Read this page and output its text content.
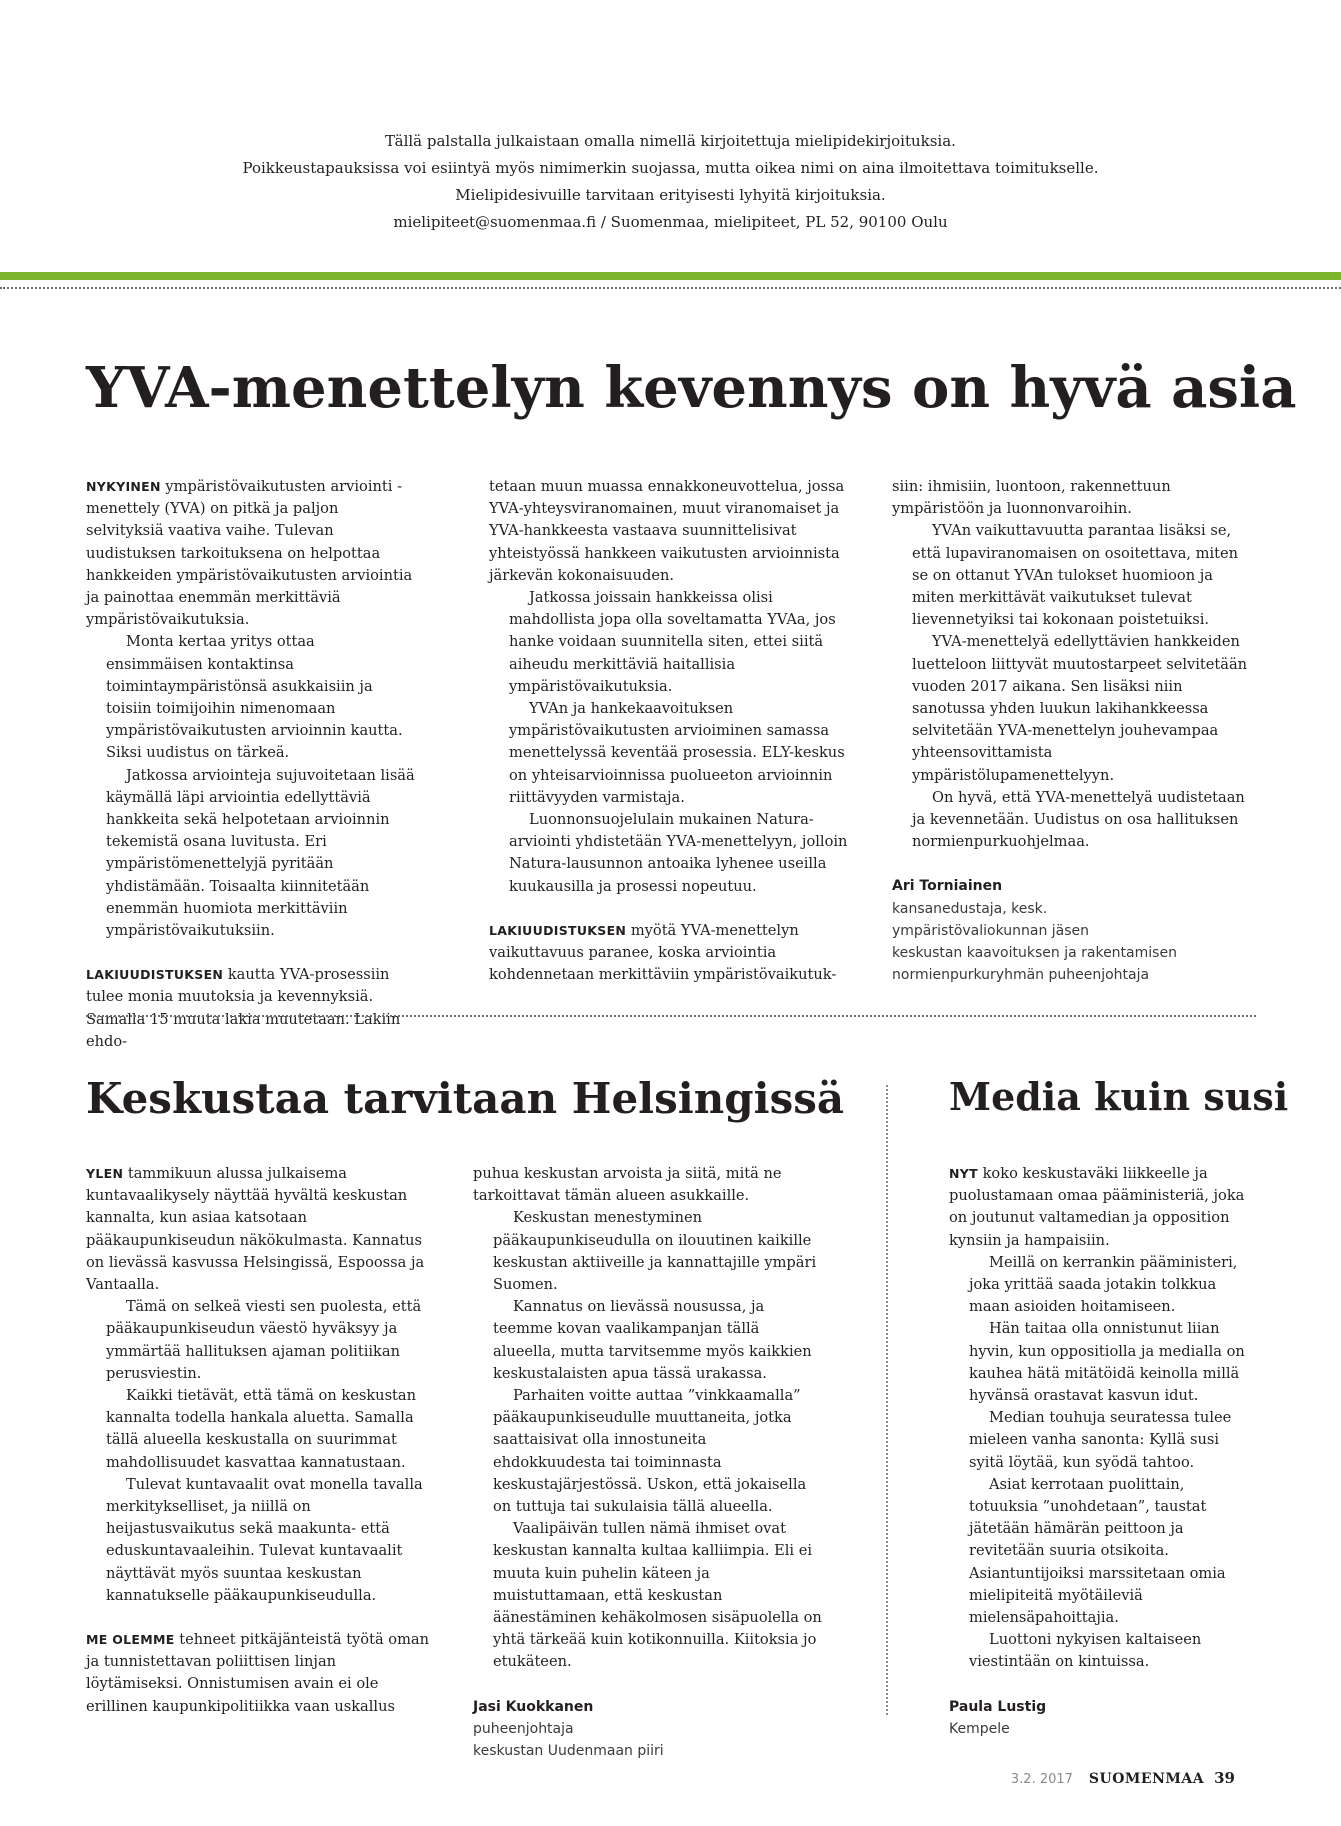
Tällä palstalla julkaistaan omalla nimellä kirjoitettuja mielipidekirjoituksia.
Poikkeustapauksissa voi esiintyä myös nimimerkin suojassa, mutta oikea nimi on aina ilmoitettava toimitukselle.
Mielipidesivuille tarvitaan erityisesti lyhyitä kirjoituksia.
mielipiteet@suomenmaa.fi / Suomenmaa, mielipiteet, PL 52, 90100 Oulu
YVA-menettelyn kevennys on hyvä asia

NYKYINEN ympäristövaikutusten arviointi -menettely (YVA) on pitkä ja paljon selvityksiä vaativa vaihe. Tulevan uudistuksen tarkoituksena on helpottaa hankkeiden ympäristövaikutusten arviointia ja painottaa enemmän merkittäviä ympäristövaikutuksia.

Monta kertaa yritys ottaa ensimmäisen kontaktinsa toimintaympäristönsä asukkaisiin ja toisiin toimijoihin nimenomaan ympäristövaikutusten arvioinnin kautta. Siksi uudistus on tärkeä.

Jatkossa arviointeja sujuvoitetaan lisää käymällä läpi arviointia edellyttäviä hankkeita sekä helpotetaan arvioinnin tekemistä osana luvitusta. Eri ympäristömenettelyjä pyritään yhdistämään. Toisaalta kiinnitetään enemmän huomiota merkittäviin ympäristövaikutuksiin.

LAKIUUDISTUKSEN kautta YVA-prosessiin tulee monia muutoksia ja kevennyksiä. Samalla 15 muuta lakia muutetaan. Lakiin ehdo-

tetaan muun muassa ennakkoneuvottelua, jossa YVA-yhteysviranomainen, muut viranomaiset ja YVA-hankkeesta vastaava suunnittelisivat yhteistyössä hankkeen vaikutusten arvioinnista järkevän kokonaisuuden.

Jatkossa joissain hankkeissa olisi mahdollista jopa olla soveltamatta YVAa, jos hanke voidaan suunnitella siten, ettei siitä aiheudu merkittäviä haitallisia ympäristövaikutuksia.

YVAn ja hankekaavoituksen ympäristövaikutusten arvioiminen samassa menettelyssä keventää prosessia. ELY-keskus on yhteisarvioinnissa puolueeton arvioinnin riittävyyden varmistaja.

Luonnonsuojelulain mukainen Natura-arviointi yhdistetään YVA-menettelyyn, jolloin Natura-lausunnon antoaika lyhenee useilla kuukausilla ja prosessi nopeutuu.

LAKIUUDISTUKSEN myötä YVA-menettelyn vaikuttavuus paranee, koska arviointia kohdennetaan merkittäviin ympäristövaikutuk-

siin: ihmisiin, luontoon, rakennettuun ympäristöön ja luonnonvaroihin.

YVAn vaikuttavuutta parantaa lisäksi se, että lupaviranomaisen on osoitettava, miten se on ottanut YVAn tulokset huomioon ja miten merkittävät vaikutukset tulevat lievennetyiksi tai kokonaan poistetuiksi.

YVA-menettelyä edellyttävien hankkeiden luetteloon liittyvät muutostarpeet selvitetään vuoden 2017 aikana. Sen lisäksi niin sanotussa yhden luukun lakihankkeessa selvitetään YVA-menettelyn jouhevampaa yhteensovittamista ympäristölupamenettelyyn.

On hyvä, että YVA-menettelyä uudistetaan ja kevennetään. Uudistus on osa hallituksen normienpurkuohjelmaa.

Ari Torniainen
kansanedustaja, kesk.
ympäristövaliokunnan jäsen
keskustan kaavoituksen ja rakentamisen
normienpurkuryhmän puheenjohtaja
Keskustaa tarvitaan Helsingissä

YLEN tammikuun alussa julkaisema kuntavaalikysely näyttää hyvältä keskustan kannalta, kun asiaa katsotaan pääkaupunkiseudun näkökulmasta. Kannatus on lievässä kasvussa Helsingissä, Espoossa ja Vantaalla.

Tämä on selkeä viesti sen puolesta, että pääkaupunkiseudun väestö hyväksyy ja ymmärtää hallituksen ajaman politiikan perusviestin.

Kaikki tietävät, että tämä on keskustan kannalta todella hankala aluetta. Samalla tällä alueella keskustalla on suurimmat mahdollisuudet kasvattaa kannatustaan.

Tulevat kuntavaalit ovat monella tavalla merkitykselliset, ja niillä on heijastusvaikutus sekä maakunta- että eduskuntavaaleihin. Tulevat kuntavaalit näyttävät myös suuntaa keskustan kannatukselle pääkaupunkiseudulla.

ME OLEMME tehneet pitkäjänteistä työtä oman ja tunnistettavan poliittisen linjan löytämiseksi. Onnistumisen avain ei ole erillinen kaupunkipolitiikka vaan uskallus

puhua keskustan arvoista ja siitä, mitä ne tarkoittavat tämän alueen asukkaille.

Keskustan menestyminen pääkaupunkiseudulla on ilouutinen kaikille keskustan aktiiveille ja kannattajille ympäri Suomen.

Kannatus on lievässä nousussa, ja teemme kovan vaalikampanjan tällä alueella, mutta tarvitsemme myös kaikkien keskustalaisten apua tässä urakassa.

Parhaiten voitte auttaa ”vinkkaamalla” pääkaupunkiseudulle muuttaneita, jotka saattaisivat olla innostuneita ehdokkuudesta tai toiminnasta keskustajärjestössä. Uskon, että jokaisella on tuttuja tai sukulaisia tällä alueella.

Vaalipäivän tullen nämä ihmiset ovat keskustan kannalta kultaa kalliimpia. Eli ei muuta kuin puhelin käteen ja muistuttamaan, että keskustan äänestäminen kehäkolmosen sisäpuolella on yhtä tärkeää kuin kotikonnuilla. Kiitoksia jo etukäteen.

Jasi Kuokkanen
puheenjohtaja
keskustan Uudenmaan piiri
Media kuin susi

NYT koko keskustaväki liikkeelle ja puolustamaan omaa pääministeriä, joka on joutunut valtamedian ja opposition kynsiin ja hampaisiin.

Meillä on kerrankin pääministeri, joka yrittää saada jotakin tolkkua maan asioiden hoitamiseen.

Hän taitaa olla onnistunut liian hyvin, kun oppositiolla ja medialla on kauhea hätä mitätöidä keinolla millä hyvänsä orastavat kasvun idut.

Median touhuja seuratessa tulee mieleen vanha sanonta: Kyllä susi syitä löytää, kun syödä tahtoo.

Asiat kerrotaan puolittain, totuuksia ”unohdetaan”, taustat jätetään hämärän peittoon ja revitetään suuria otsikoita. Asiantuntijoiksi marssitetaan omia mielipiteitä myötäileviä mielensäpahoittajia.

Luottoni nykyisen kaltaiseen viestintään on kintuissa.

Paula Lustig
Kempele
3.2. 2017 SUOMENMAA 39
